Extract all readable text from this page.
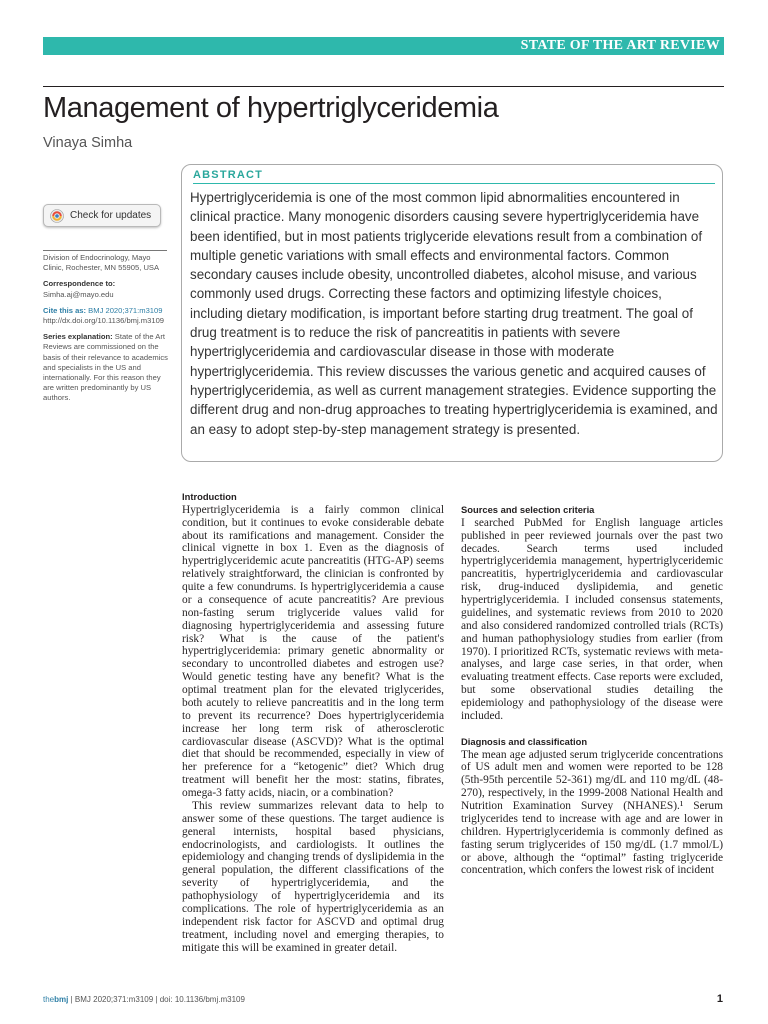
STATE OF THE ART REVIEW
Management of hypertriglyceridemia
Vinaya Simha
Check for updates

Division of Endocrinology, Mayo Clinic, Rochester, MN 55905, USA

Correspondence to:
Simha.aj@mayo.edu

Cite this as: BMJ 2020;371:m3109
http://dx.doi.org/10.1136/bmj.m3109

Series explanation: State of the Art Reviews are commissioned on the basis of their relevance to academics and specialists in the US and internationally. For this reason they are written predominantly by US authors.

ABSTRACT

Hypertriglyceridemia is one of the most common lipid abnormalities encountered in clinical practice. Many monogenic disorders causing severe hypertriglyceridemia have been identified, but in most patients triglyceride elevations result from a combination of multiple genetic variations with small effects and environmental factors. Common secondary causes include obesity, uncontrolled diabetes, alcohol misuse, and various commonly used drugs. Correcting these factors and optimizing lifestyle choices, including dietary modification, is important before starting drug treatment. The goal of drug treatment is to reduce the risk of pancreatitis in patients with severe hypertriglyceridemia and cardiovascular disease in those with moderate hypertriglyceridemia. This review discusses the various genetic and acquired causes of hypertriglyceridemia, as well as current management strategies. Evidence supporting the different drug and non-drug approaches to treating hypertriglyceridemia is examined, and an easy to adopt step-by-step management strategy is presented.

Introduction

Hypertriglyceridemia is a fairly common clinical condition, but it continues to evoke considerable debate about its ramifications and management. Consider the clinical vignette in box 1. Even as the diagnosis of hypertriglyceridemic acute pancreatitis (HTG-AP) seems relatively straightforward, the clinician is confronted by quite a few conundrums. Is hypertriglyceridemia a cause or a consequence of acute pancreatitis? Are previous non-fasting serum triglyceride values valid for diagnosing hypertriglyceridemia and assessing future risk? What is the cause of the patient's hypertriglyceridemia: primary genetic abnormality or secondary to uncontrolled diabetes and estrogen use? Would genetic testing have any benefit? What is the optimal treatment plan for the elevated triglycerides, both acutely to relieve pancreatitis and in the long term to prevent its recurrence? Does hypertriglyceridemia increase her long term risk of atherosclerotic cardiovascular disease (ASCVD)? What is the optimal diet that should be recommended, especially in view of her preference for a “ketogenic” diet? Which drug treatment will benefit her the most: statins, fibrates, omega-3 fatty acids, niacin, or a combination?

This review summarizes relevant data to help to answer some of these questions. The target audience is general internists, hospital based physicians, endocrinologists, and cardiologists. It outlines the epidemiology and changing trends of dyslipidemia in the general population, the different classifications of the severity of hypertriglyceridemia, and the pathophysiology of hypertriglyceridemia and its complications. The role of hypertriglyceridemia as an independent risk factor for ASCVD and optimal drug treatment, including novel and emerging therapies, to mitigate this will be examined in greater detail.

Sources and selection criteria

I searched PubMed for English language articles published in peer reviewed journals over the past two decades. Search terms used included hypertriglyceridemia management, hypertriglyceridemic pancreatitis, hypertriglyceridemia and cardiovascular risk, drug-induced dyslipidemia, and genetic hypertriglyceridemia. I included consensus statements, guidelines, and systematic reviews from 2010 to 2020 and also considered randomized controlled trials (RCTs) and human pathophysiology studies from earlier (from 1970). I prioritized RCTs, systematic reviews with meta-analyses, and large case series, in that order, when evaluating treatment effects. Case reports were excluded, but some observational studies detailing the epidemiology and pathophysiology of the disease were included.

Diagnosis and classification

The mean age adjusted serum triglyceride concentrations of US adult men and women were reported to be 128 (5th-95th percentile 52-361) mg/dL and 110 mg/dL (48-270), respectively, in the 1999-2008 National Health and Nutrition Examination Survey (NHANES).¹ Serum triglycerides tend to increase with age and are lower in children. Hypertriglyceridemia is commonly defined as fasting serum triglycerides of 150 mg/dL (1.7 mmol/L) or above, although the “optimal” fasting triglyceride concentration, which confers the lowest risk of incident

thebmj | BMJ 2020;371:m3109 | doi: 10.1136/bmj.m3109	1
